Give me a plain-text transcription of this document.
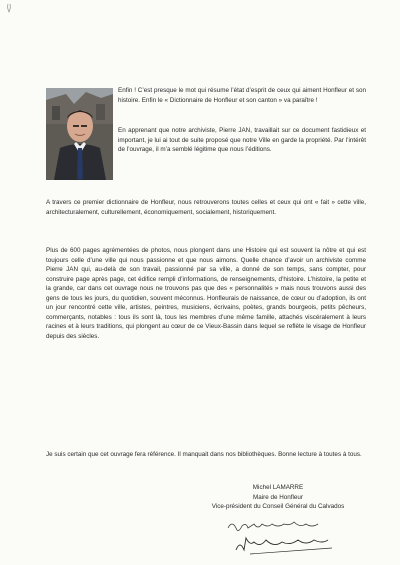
Enfin ! C’est presque le mot qui résume l’état d’esprit de ceux qui aiment Honfleur et son histoire. Enfin le « Dictionnaire de Honfleur et son canton » va paraître !

En apprenant que notre archiviste, Pierre JAN, travaillait sur ce document fastidieux et important, je lui ai tout de suite proposé que notre Ville en garde la propriété. Par l’intérêt de l’ouvrage, il m’a semblé légitime que nous l’éditions.

A travers ce premier dictionnaire de Honfleur, nous retrouverons toutes celles et ceux qui ont « fait » cette ville, architecturalement, culturellement, économiquement, socialement, historiquement.

Plus de 600 pages agrémentées de photos, nous plongent dans une Histoire qui est souvent la nôtre et qui est toujours celle d’une ville qui nous passionne et que nous aimons. Quelle chance d’avoir un archiviste comme Pierre JAN qui, au-delà de son travail, passionné par sa ville, a donné de son temps, sans compter, pour construire page après page, cet édifice rempli d’informations, de renseignements, d’histoire. L’histoire, la petite et la grande, car dans cet ouvrage nous ne trouvons pas que des « personnalités » mais nous trouvons aussi des gens de tous les jours, du quotidien, souvent méconnus. Honfleurais de naissance, de cœur ou d’adoption, ils ont un jour rencontré cette ville, artistes, peintres, musiciens, écrivains, poètes, grands bourgeois, petits pêcheurs, commerçants, notables : tous ils sont là, tous les membres d’une même famille, attachés viscéralement à leurs racines et à leurs traditions, qui plongent au cœur de ce Vieux-Bassin dans lequel se reflète le visage de Honfleur depuis des siècles.

Je suis certain que cet ouvrage fera référence. Il manquait dans nos bibliothèques. Bonne lecture à toutes à tous.

Michel LAMARRE
Maire de Honfleur
Vice-président du Conseil Général du Calvados
